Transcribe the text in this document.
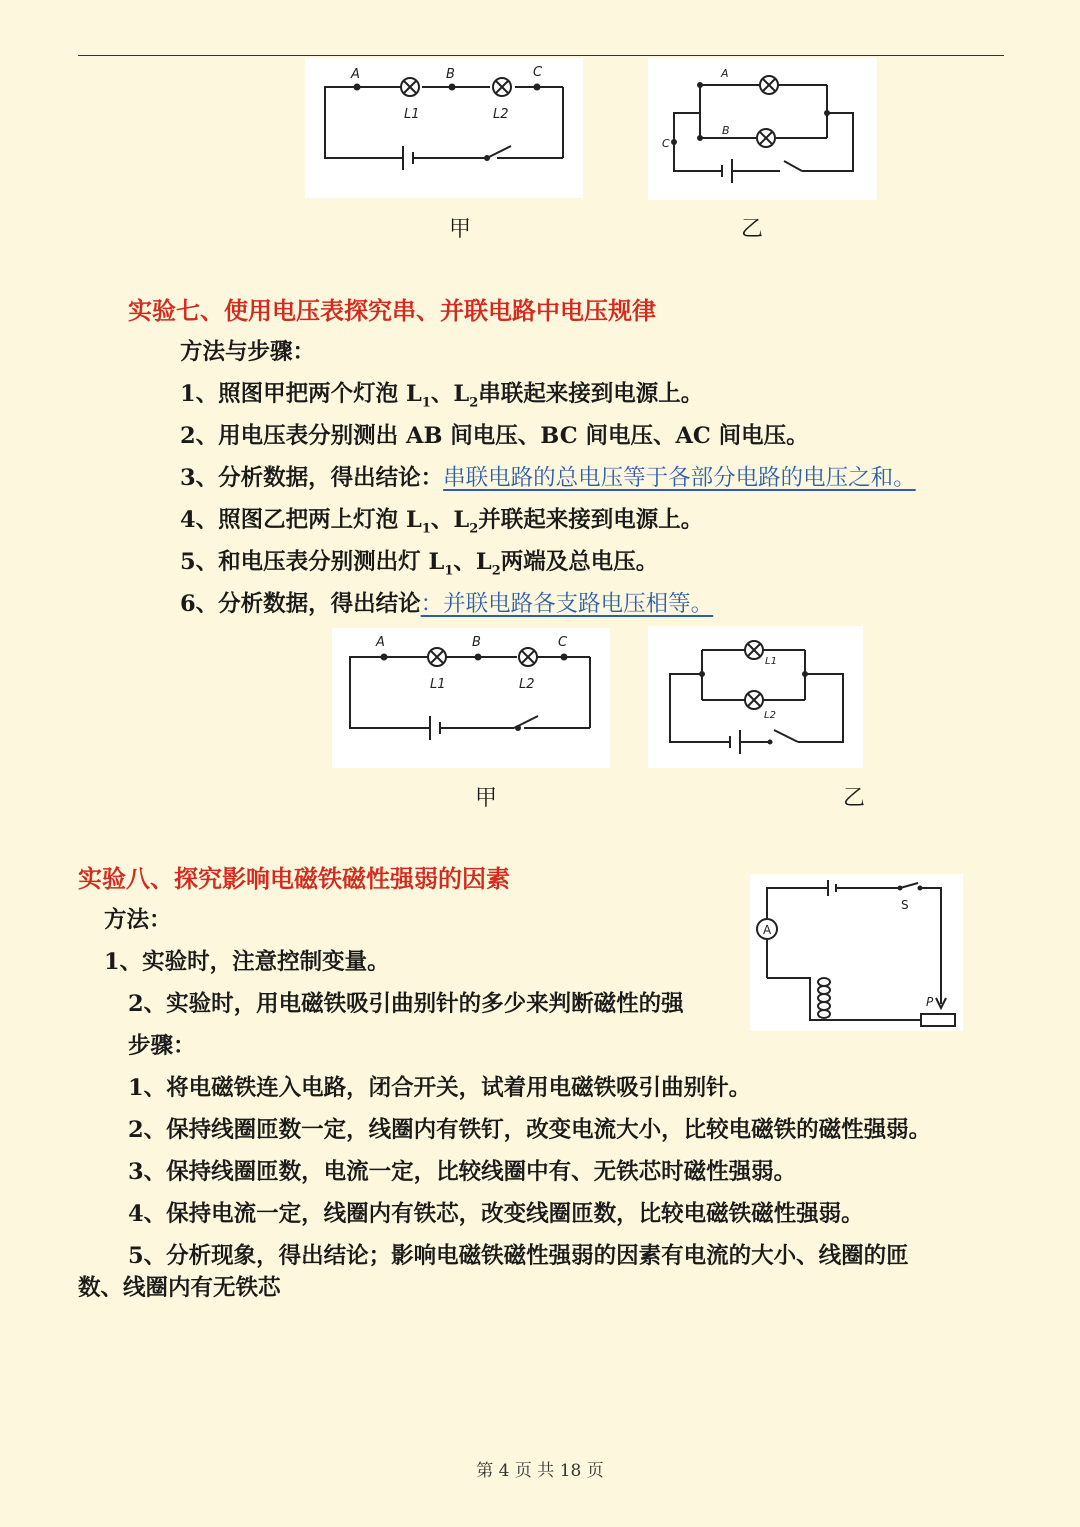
A	B	C
L1	L2
A
B
C
甲	乙
实验七、使用电压表探究串、并联电路中电压规律
方法与步骤：
1、照图甲把两个灯泡 $L_1$、$L_2$串联起来接到电源上。
2、用电压表分别测出 AB 间电压、BC 间电压、AC 间电压。
3、分析数据，得出结论：串联电路的总电压等于各部分电路的电压之和。
4、照图乙把两上灯泡 $L_1$、$L_2$并联起来接到电源上。
5、和电压表分别测出灯 $L_1$、$L_2$两端及总电压。
6、分析数据，得出结论：并联电路各支路电压相等。
A	B	C
L1	L2
L1
L2
甲	乙
实验八、探究影响电磁铁磁性强弱的因素
A
S
P
方法：
1、实验时，注意控制变量。
2、实验时，用电磁铁吸引曲别针的多少来判断磁性的强
步骤：
1、将电磁铁连入电路，闭合开关，试着用电磁铁吸引曲别针。
2、保持线圈匝数一定，线圈内有铁钉，改变电流大小，比较电磁铁的磁性强弱。
3、保持线圈匝数，电流一定，比较线圈中有、无铁芯时磁性强弱。
4、保持电流一定，线圈内有铁芯，改变线圈匝数，比较电磁铁磁性强弱。
5、分析现象，得出结论；影响电磁铁磁性强弱的因素有电流的大小、线圈的匝
数、线圈内有无铁芯
第 4 页 共 18 页
